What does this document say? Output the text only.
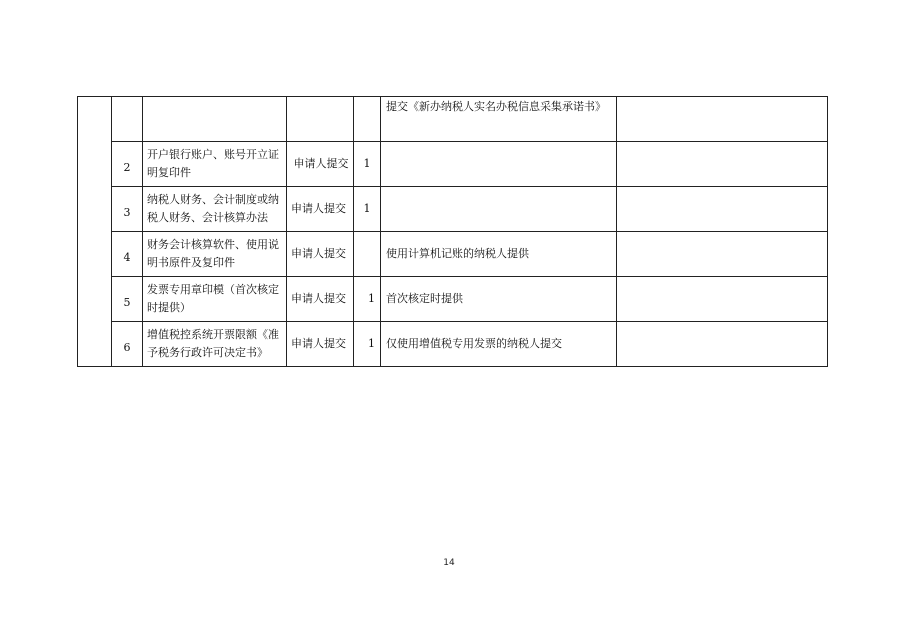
					提交《新办纳税人实名办税信息采集承诺书》	
	2	开户银行账户、账号开立证明复印件	申请人提交	1		
	3	纳税人财务、会计制度或纳税人财务、会计核算办法	申请人提交	1		
	4	财务会计核算软件、使用说明书原件及复印件	申请人提交		使用计算机记账的纳税人提供	
	5	发票专用章印模（首次核定时提供）	申请人提交	1	首次核定时提供	
	6	增值税控系统开票限额《准予税务行政许可决定书》	申请人提交	1	仅使用增值税专用发票的纳税人提交	
14
